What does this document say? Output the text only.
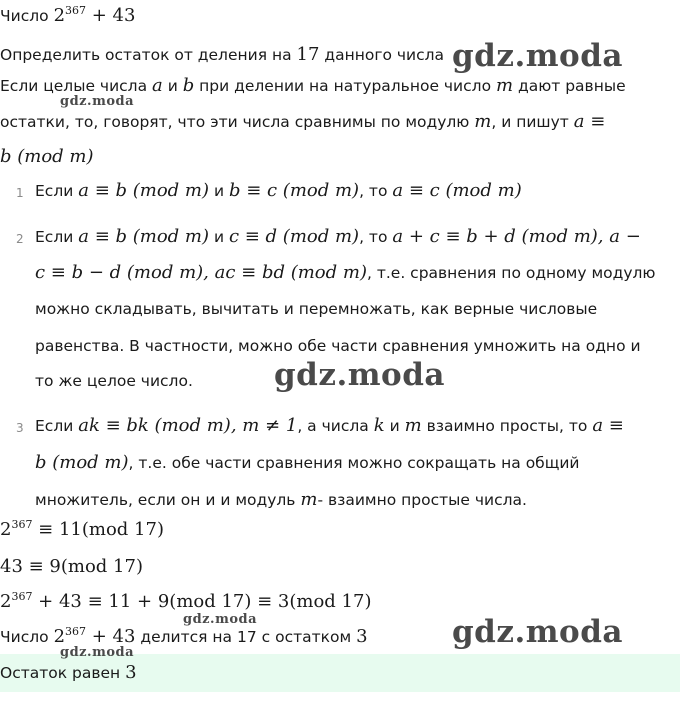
Число $2^{367} + 43$
Определить остаток от деления на 17 данного числа
Если целые числа a и b при делении на натуральное число m дают равные
остатки, то, говорят, что эти числа сравнимы по модулю m, и пишут a ≡
b (mod m)
1 Если a ≡ b (mod m) и b ≡ c (mod m), то a ≡ c (mod m)
2 Если a ≡ b (mod m) и c ≡ d (mod m), то a + c ≡ b + d (mod m), a −
c ≡ b − d (mod m), ac ≡ bd (mod m), т.е. сравнения по одному модулю
можно складывать, вычитать и перемножать, как верные числовые
равенства. В частности, можно обе части сравнения умножить на одно и
то же целое число.
3 Если ak ≡ bk (mod m), m ≠ 1, а числа k и m взаимно просты, то a ≡
b (mod m), т.е. обе части сравнения можно сокращать на общий
множитель, если он и и модуль m- взаимно простые числа.
$2^{367} \equiv 11(mod$ 17)
43 ≡ 9(mod 17)
$2^{367} + 43 \equiv 11 + 9(mod$ 17) ≡ 3(mod 17)
Число $2^{367} + 43$ делится на 17 с остатком 3
Остаток равен 3
gdz.moda
gdz.moda
gdz.moda
gdz.moda
gdz.moda
gdz.moda
